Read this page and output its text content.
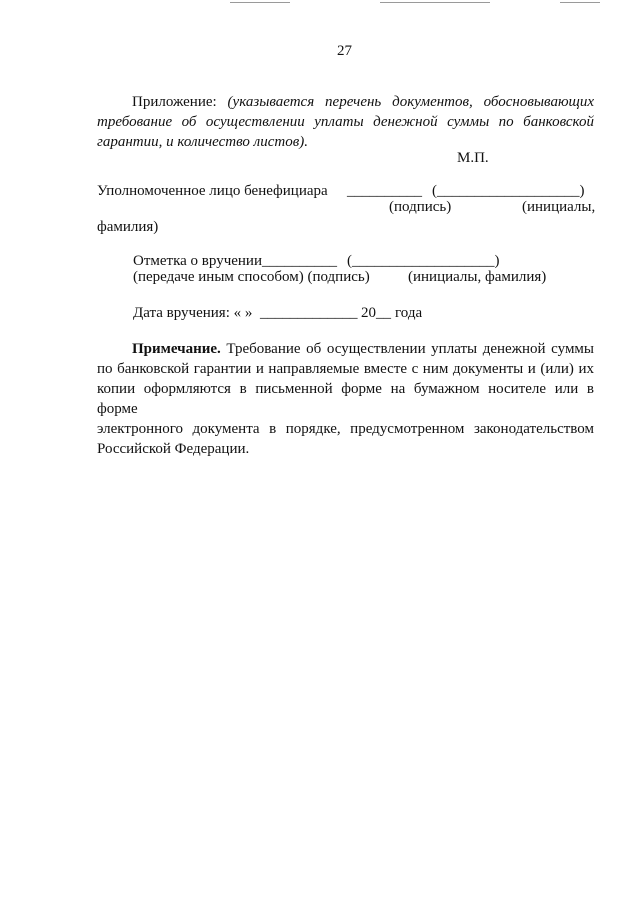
27

Приложение: (указывается перечень документов, обосновывающих

требование об осуществлении уплаты денежной суммы по банковской

гарантии, и количество листов).

М.П.
Уполномоченное лицо бенефициара __________ (___________________)
(подпись)	(инициалы,
фамилия)
Отметка о вручении__________ (___________________)
(передаче иным способом) (подпись)	(инициалы, фамилия)
Дата вручения: « » _____________ 20__ года

Примечание. Требование об осуществлении уплаты денежной суммы

по банковской гарантии и направляемые вместе с ним документы и (или) их

копии оформляются в письменной форме на бумажном носителе или в форме

электронного документа в порядке, предусмотренном законодательством

Российской Федерации.
